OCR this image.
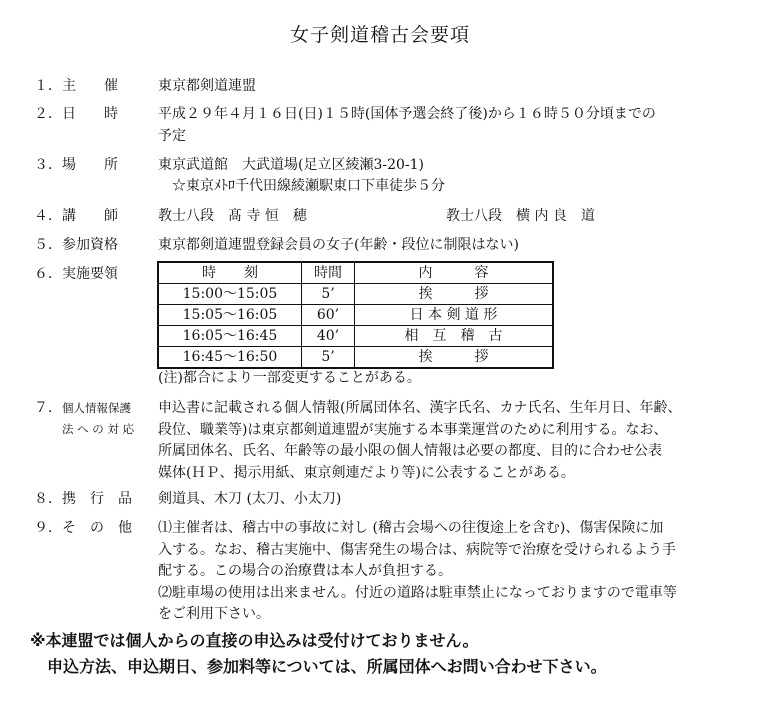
女子剣道稽古会要項
１．主　　催	東京都剣道連盟
２．日　　時	平成２９年４月１６日(日)１５時(国体予選会終了後)から１６時５０分頃までの
予定
３．場　　所	東京武道館　大武道場(足立区綾瀬3-20-1)
☆東京ﾒﾄﾛ千代田線綾瀬駅東口下車徒歩５分
４．講　　師	教士八段　髙 寺 恒　穂	教士八段　横 内 良　道
５．参加資格	東京都剣道連盟登録会員の女子(年齢・段位に制限はない)
６．実施要領	時　　刻	時間	内　　　容
15:00～15:05	5’	挨　　　拶
15:05～16:05	60’	日 本 剣 道 形
16:05～16:45	40’	相　互　稽　古
16:45～16:50	5’	挨　　　拶
(注)都合により一部変更することがある。
７． 個人情報保護
法 へ の 対 応

申込書に記載される個人情報(所属団体名、漢字氏名、カナ氏名、生年月日、年齢、

段位、職業等)は東京都剣道連盟が実施する本事業運営のために利用する。なお、

所属団体名、氏名、年齢等の最小限の個人情報は必要の都度、目的に合わせ公表

媒体(ＨＰ、掲示用紙、東京剣連だより等)に公表することがある。

８．携　行　品 剣道具、木刀 (太刀、小太刀)
９．そ　の　他 ⑴主催者は、稽古中の事故に対し (稽古会場への往復途上を含む)、傷害保険に加

入する。なお、稽古実施中、傷害発生の場合は、病院等で治療を受けられるよう手

配する。この場合の治療費は本人が負担する。

⑵駐車場の使用は出来ません。付近の道路は駐車禁止になっておりますので電車等

をご利用下さい。

※本連盟では個人からの直接の申込みは受付けておりません。
申込方法、申込期日、参加料等については、所属団体へお問い合わせ下さい。
